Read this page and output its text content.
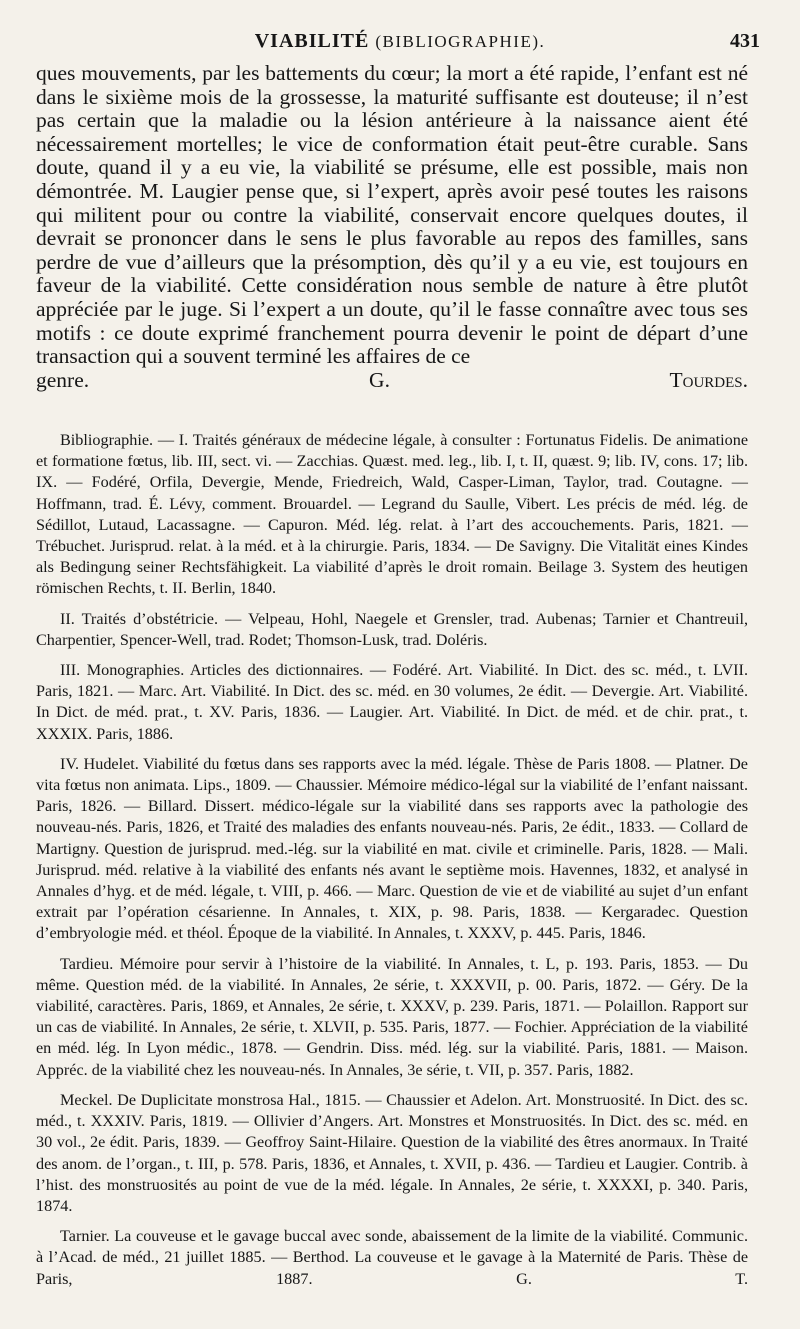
VIABILITÉ (BIBLIOGRAPHIE).	431
ques mouvements, par les battements du cœur; la mort a été rapide, l’enfant est né dans le sixième mois de la grossesse, la maturité suffisante est douteuse; il n’est pas certain que la maladie ou la lésion antérieure à la naissance aient été nécessairement mortelles; le vice de conformation était peut-être curable. Sans doute, quand il y a eu vie, la viabilité se présume, elle est possible, mais non démontrée. M. Laugier pense que, si l’expert, après avoir pesé toutes les raisons qui militent pour ou contre la viabilité, conservait encore quelques doutes, il devrait se prononcer dans le sens le plus favorable au repos des familles, sans perdre de vue d’ailleurs que la présomption, dès qu’il y a eu vie, est toujours en faveur de la viabilité. Cette considération nous semble de nature à être plutôt appréciée par le juge. Si l’expert a un doute, qu’il le fasse connaître avec tous ses motifs : ce doute exprimé franchement pourra devenir le point de départ d’une transaction qui a souvent terminé les affaires de ce
genre.	G. Tourdes.

Bibliographie. — I. Traités généraux de médecine légale, à consulter : Fortunatus Fidelis. De animatione et formatione fœtus, lib. III, sect. vi. — Zacchias. Quæst. med. leg., lib. I, t. II, quæst. 9; lib. IV, cons. 17; lib. IX. — Fodéré, Orfila, Devergie, Mende, Friedreich, Wald, Casper-Liman, Taylor, trad. Coutagne. — Hoffmann, trad. É. Lévy, comment. Brouardel. — Legrand du Saulle, Vibert. Les précis de méd. lég. de Sédillot, Lutaud, Lacassagne. — Capuron. Méd. lég. relat. à l’art des accouchements. Paris, 1821. — Trébuchet. Jurisprud. relat. à la méd. et à la chirurgie. Paris, 1834. — De Savigny. Die Vitalität eines Kindes als Bedingung seiner Rechtsfähigkeit. La viabilité d’après le droit romain. Beilage 3. System des heutigen römischen Rechts, t. II. Berlin, 1840.

II. Traités d’obstétricie. — Velpeau, Hohl, Naegele et Grensler, trad. Aubenas; Tarnier et Chantreuil, Charpentier, Spencer-Well, trad. Rodet; Thomson-Lusk, trad. Doléris.

III. Monographies. Articles des dictionnaires. — Fodéré. Art. Viabilité. In Dict. des sc. méd., t. LVII. Paris, 1821. — Marc. Art. Viabilité. In Dict. des sc. méd. en 30 volumes, 2e édit. — Devergie. Art. Viabilité. In Dict. de méd. prat., t. XV. Paris, 1836. — Laugier. Art. Viabilité. In Dict. de méd. et de chir. prat., t. XXXIX. Paris, 1886.

IV. Hudelet. Viabilité du fœtus dans ses rapports avec la méd. légale. Thèse de Paris 1808. — Platner. De vita fœtus non animata. Lips., 1809. — Chaussier. Mémoire médico-légal sur la viabilité de l’enfant naissant. Paris, 1826. — Billard. Dissert. médico-légale sur la viabilité dans ses rapports avec la pathologie des nouveau-nés. Paris, 1826, et Traité des maladies des enfants nouveau-nés. Paris, 2e édit., 1833. — Collard de Martigny. Question de jurisprud. med.-lég. sur la viabilité en mat. civile et criminelle. Paris, 1828. — Mali. Jurisprud. méd. relative à la viabilité des enfants nés avant le septième mois. Havennes, 1832, et analysé in Annales d’hyg. et de méd. légale, t. VIII, p. 466. — Marc. Question de vie et de viabilité au sujet d’un enfant extrait par l’opération césarienne. In Annales, t. XIX, p. 98. Paris, 1838. — Kergaradec. Question d’embryologie méd. et théol. Époque de la viabilité. In Annales, t. XXXV, p. 445. Paris, 1846.

Tardieu. Mémoire pour servir à l’histoire de la viabilité. In Annales, t. L, p. 193. Paris, 1853. — Du même. Question méd. de la viabilité. In Annales, 2e série, t. XXXVII, p. 00. Paris, 1872. — Géry. De la viabilité, caractères. Paris, 1869, et Annales, 2e série, t. XXXV, p. 239. Paris, 1871. — Polaillon. Rapport sur un cas de viabilité. In Annales, 2e série, t. XLVII, p. 535. Paris, 1877. — Fochier. Appréciation de la viabilité en méd. lég. In Lyon médic., 1878. — Gendrin. Diss. méd. lég. sur la viabilité. Paris, 1881. — Maison. Appréc. de la viabilité chez les nouveau-nés. In Annales, 3e série, t. VII, p. 357. Paris, 1882.

Meckel. De Duplicitate monstrosa Hal., 1815. — Chaussier et Adelon. Art. Monstruosité. In Dict. des sc. méd., t. XXXIV. Paris, 1819. — Ollivier d’Angers. Art. Monstres et Monstruosités. In Dict. des sc. méd. en 30 vol., 2e édit. Paris, 1839. — Geoffroy Saint-Hilaire. Question de la viabilité des êtres anormaux. In Traité des anom. de l’organ., t. III, p. 578. Paris, 1836, et Annales, t. XVII, p. 436. — Tardieu et Laugier. Contrib. à l’hist. des monstruosités au point de vue de la méd. légale. In Annales, 2e série, t. XXXXI, p. 340. Paris, 1874.

Tarnier. La couveuse et le gavage buccal avec sonde, abaissement de la limite de la viabilité. Communic. à l’Acad. de méd., 21 juillet 1885. — Berthod. La couveuse et le gavage à la Maternité de Paris. Thèse de Paris, 1887. G. T.
